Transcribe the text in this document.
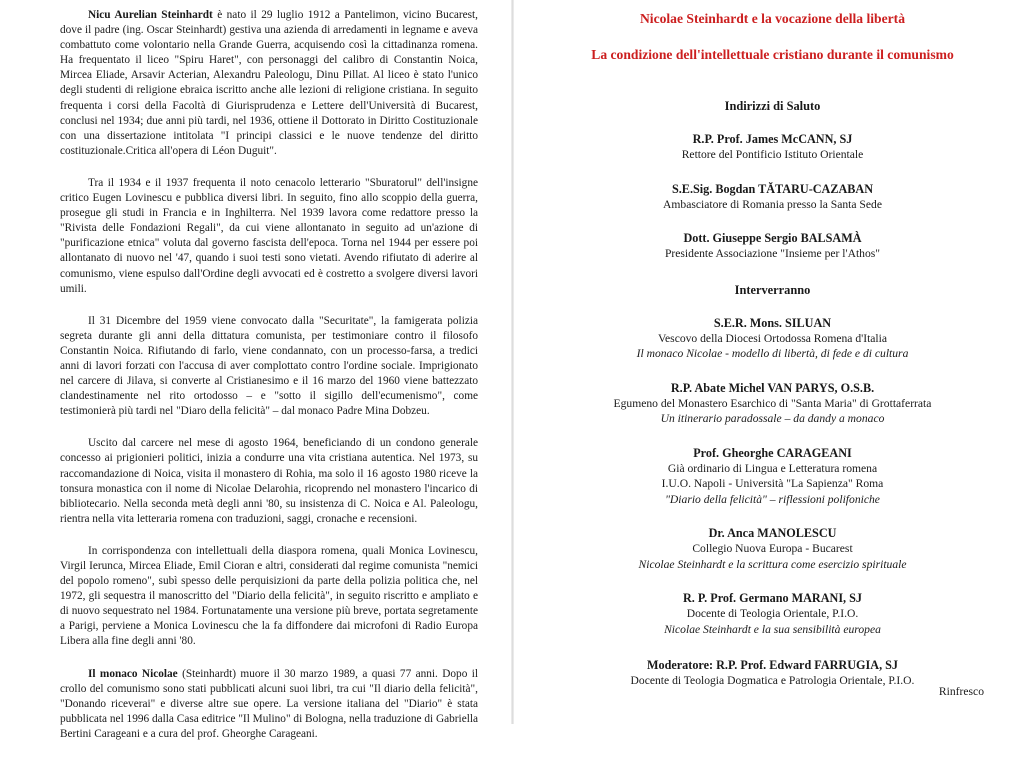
Nicu Aurelian Steinhardt è nato il 29 luglio 1912 a Pantelimon, vicino Bucarest, dove il padre (ing. Oscar Steinhardt) gestiva una azienda di arredamenti in legname e aveva combattuto come volontario nella Grande Guerra, acquisendo così la cittadinanza romena. Ha frequentato il liceo "Spiru Haret", con personaggi del calibro di Constantin Noica, Mircea Eliade, Arsavir Acterian, Alexandru Paleologu, Dinu Pillat. Al liceo è stato l'unico degli studenti di religione ebraica iscritto anche alle lezioni di religione cristiana. In seguito frequenta i corsi della Facoltà di Giurisprudenza e Lettere dell'Università di Bucarest, conclusi nel 1934; due anni più tardi, nel 1936, ottiene il Dottorato in Diritto Costituzionale con una dissertazione intitolata "I principi classici e le nuove tendenze del diritto costituzionale.Critica all'opera di Léon Duguit".

Tra il 1934 e il 1937 frequenta il noto cenacolo letterario "Sburatorul" dell'insigne critico Eugen Lovinescu e pubblica diversi libri. In seguito, fino allo scoppio della guerra, prosegue gli studi in Francia e in Inghilterra. Nel 1939 lavora come redattore presso la "Rivista delle Fondazioni Regali", da cui viene allontanato in seguito ad un'azione di "purificazione etnica" voluta dal governo fascista dell'epoca. Torna nel 1944 per essere poi allontanato di nuovo nel '47, quando i suoi testi sono vietati. Avendo rifiutato di aderire al comunismo, viene espulso dall'Ordine degli avvocati ed è costretto a svolgere diversi lavori umili.

Il 31 Dicembre del 1959 viene convocato dalla "Securitate", la famigerata polizia segreta durante gli anni della dittatura comunista, per testimoniare contro il filosofo Constantin Noica. Rifiutando di farlo, viene condannato, con un processo-farsa, a tredici anni di lavori forzati con l'accusa di aver complottato contro l'ordine sociale. Imprigionato nel carcere di Jilava, si converte al Cristianesimo e il 16 marzo del 1960 viene battezzato clandestinamente nel rito ortodosso – e "sotto il sigillo dell'ecumenismo", come testimonierà più tardi nel "Diaro della felicità" – dal monaco Padre Mina Dobzeu.

Uscito dal carcere nel mese di agosto 1964, beneficiando di un condono generale concesso ai prigionieri politici, inizia a condurre una vita cristiana autentica. Nel 1973, su raccomandazione di Noica, visita il monastero di Rohia, ma solo il 16 agosto 1980 riceve la tonsura monastica con il nome di Nicolae Delarohia, ricoprendo nel monastero l'incarico di bibliotecario. Nella seconda metà degli anni '80, su insistenza di C. Noica e Al. Paleologu, rientra nella vita letteraria romena con traduzioni, saggi, cronache e recensioni.

In corrispondenza con intellettuali della diaspora romena, quali Monica Lovinescu, Virgil Ierunca, Mircea Eliade, Emil Cioran e altri, considerati dal regime comunista "nemici del popolo romeno", subì spesso delle perquisizioni da parte della polizia politica che, nel 1972, gli sequestra il manoscritto del "Diario della felicità", in seguito riscritto e ampliato e di nuovo sequestrato nel 1984. Fortunatamente una versione più breve, portata segretamente a Parigi, perviene a Monica Lovinescu che la fa diffondere dai microfoni di Radio Europa Libera alla fine degli anni '80.

Il monaco Nicolae (Steinhardt) muore il 30 marzo 1989, a quasi 77 anni. Dopo il crollo del comunismo sono stati pubblicati alcuni suoi libri, tra cui "Il diario della felicità", "Donando riceverai" e diverse altre sue opere. La versione italiana del "Diario" è stata pubblicata nel 1996 dalla Casa editrice "Il Mulino" di Bologna, nella traduzione di Gabriella Bertini Carageani e a cura del prof. Gheorghe Carageani.

Nicolae Steinhardt e la vocazione della libertà
La condizione dell'intellettuale cristiano durante il comunismo
Indirizzi di Saluto
R.P. Prof. James McCANN, SJ
Rettore del Pontificio Istituto Orientale
S.E.Sig. Bogdan TĂTARU-CAZABAN
Ambasciatore di Romania presso la Santa Sede
Dott. Giuseppe Sergio BALSAMÀ
Presidente Associazione "Insieme per l'Athos"
Interverranno
S.E.R. Mons. SILUAN
Vescovo della Diocesi Ortodossa Romena d'Italia
Il monaco Nicolae - modello di libertà, di fede e di cultura
R.P. Abate Michel VAN PARYS, O.S.B.
Egumeno del Monastero Esarchico di "Santa Maria" di Grottaferrata
Un itinerario paradossale – da dandy a monaco
Prof. Gheorghe CARAGEANI
Già ordinario di Lingua e Letteratura romena
I.U.O. Napoli - Università "La Sapienza" Roma
"Diario della felicità" – riflessioni polifoniche
Dr. Anca MANOLESCU
Collegio Nuova Europa - Bucarest
Nicolae Steinhardt e la scrittura come esercizio spirituale
R. P. Prof. Germano MARANI, SJ
Docente di Teologia Orientale, P.I.O.
Nicolae Steinhardt e la sua sensibilità europea
Moderatore: R.P. Prof. Edward FARRUGIA, SJ
Docente di Teologia Dogmatica e Patrologia Orientale, P.I.O.
Rinfresco
